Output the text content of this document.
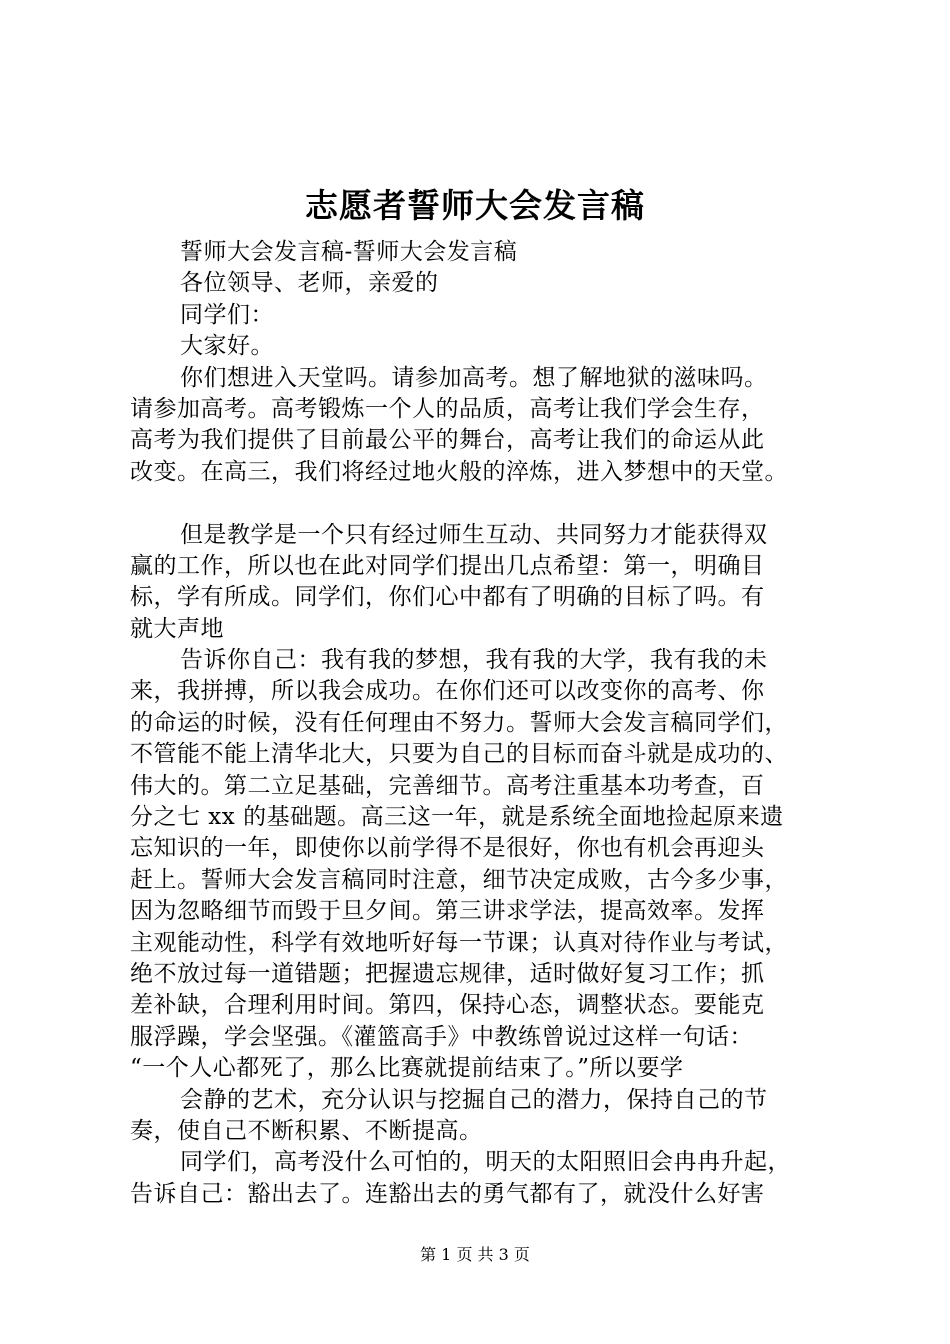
志愿者誓师大会发言稿
誓师大会发言稿-誓师大会发言稿
各位领导、老师，亲爱的
同学们：
大家好。
你们想进入天堂吗。请参加高考。想了解地狱的滋味吗。
请参加高考。高考锻炼一个人的品质，高考让我们学会生存，
高考为我们提供了目前最公平的舞台，高考让我们的命运从此
改变。在高三，我们将经过地火般的淬炼，进入梦想中的天堂。
但是教学是一个只有经过师生互动、共同努力才能获得双
赢的工作，所以也在此对同学们提出几点希望：第一，明确目
标，学有所成。同学们，你们心中都有了明确的目标了吗。有
就大声地
告诉你自己：我有我的梦想，我有我的大学，我有我的未
来，我拼搏，所以我会成功。在你们还可以改变你的高考、你
的命运的时候，没有任何理由不努力。誓师大会发言稿同学们，
不管能不能上清华北大，只要为自己的目标而奋斗就是成功的、
伟大的。第二立足基础，完善细节。高考注重基本功考查，百
分之七 xx 的基础题。高三这一年，就是系统全面地捡起原来遗
忘知识的一年，即使你以前学得不是很好，你也有机会再迎头
赶上。誓师大会发言稿同时注意，细节决定成败，古今多少事，
因为忽略细节而毁于旦夕间。第三讲求学法，提高效率。发挥
主观能动性，科学有效地听好每一节课；认真对待作业与考试，
绝不放过每一道错题；把握遗忘规律，适时做好复习工作；抓
差补缺，合理利用时间。第四，保持心态，调整状态。要能克
服浮躁，学会坚强。《灌篮高手》中教练曾说过这样一句话：
“一个人心都死了，那么比赛就提前结束了。”所以要学
会静的艺术，充分认识与挖掘自己的潜力，保持自己的节
奏，使自己不断积累、不断提高。
同学们，高考没什么可怕的，明天的太阳照旧会冉冉升起，
告诉自己：豁出去了。连豁出去的勇气都有了，就没什么好害
第 1 页 共 3 页
